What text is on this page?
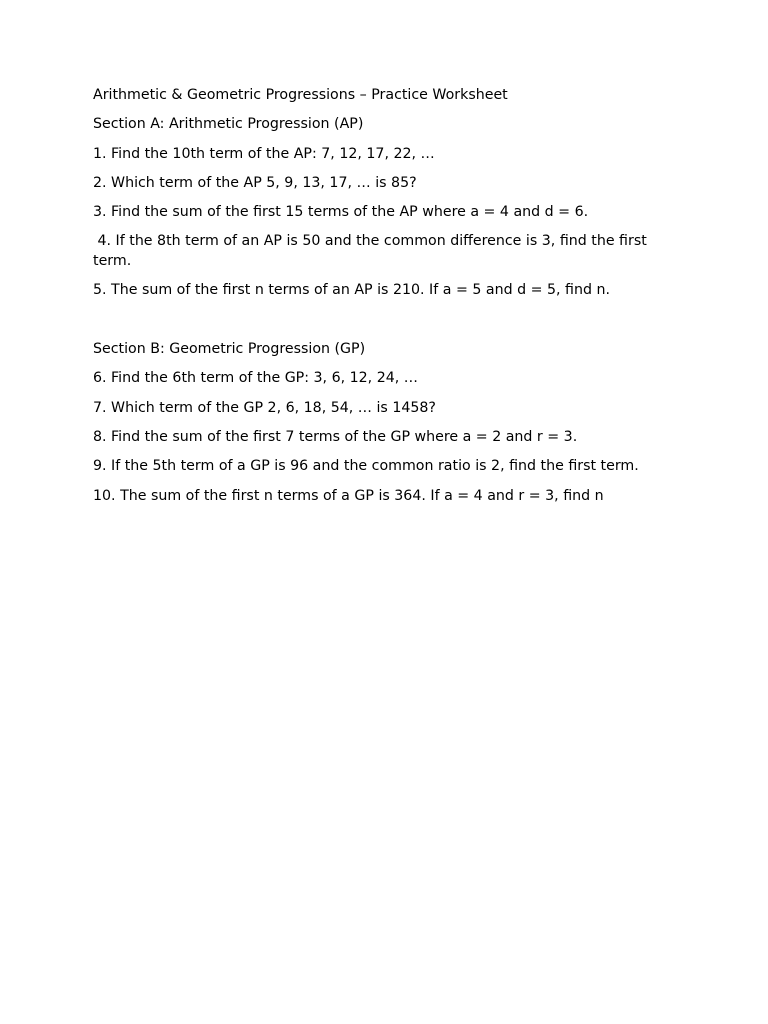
Arithmetic & Geometric Progressions – Practice Worksheet

Section A: Arithmetic Progression (AP)

1. Find the 10th term of the AP: 7, 12, 17, 22, …

2. Which term of the AP 5, 9, 13, 17, … is 85?

3. Find the sum of the first 15 terms of the AP where a = 4 and d = 6.

4. If the 8th term of an AP is 50 and the common difference is 3, find the first term.

5. The sum of the first n terms of an AP is 210. If a = 5 and d = 5, find n.

Section B: Geometric Progression (GP)

6. Find the 6th term of the GP: 3, 6, 12, 24, …

7. Which term of the GP 2, 6, 18, 54, … is 1458?

8. Find the sum of the first 7 terms of the GP where a = 2 and r = 3.

9. If the 5th term of a GP is 96 and the common ratio is 2, find the first term.

10. The sum of the first n terms of a GP is 364. If a = 4 and r = 3, find n
